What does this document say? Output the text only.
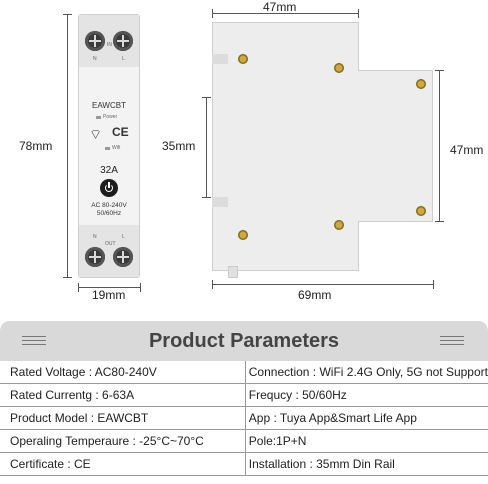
78mm
N
IN
L
EAWCBT
Power
⌔ CE
Wifi
32A
AC 80-240V
50/60Hz
N
OUT
L
19mm
47mm
35mm	47mm
69mm
Product Parameters
Rated Voltage : AC80-240V	Connection : WiFi 2.4G Only, 5G not Support
Rated Currentg : 6-63A	Frequcy : 50/60Hz
Product Model : EAWCBT	App : Tuya App&Smart Life App
Operaling Temperaure : -25°C~70°C	Pole:1P+N
Certificate : CE	Installation : 35mm Din Rail
